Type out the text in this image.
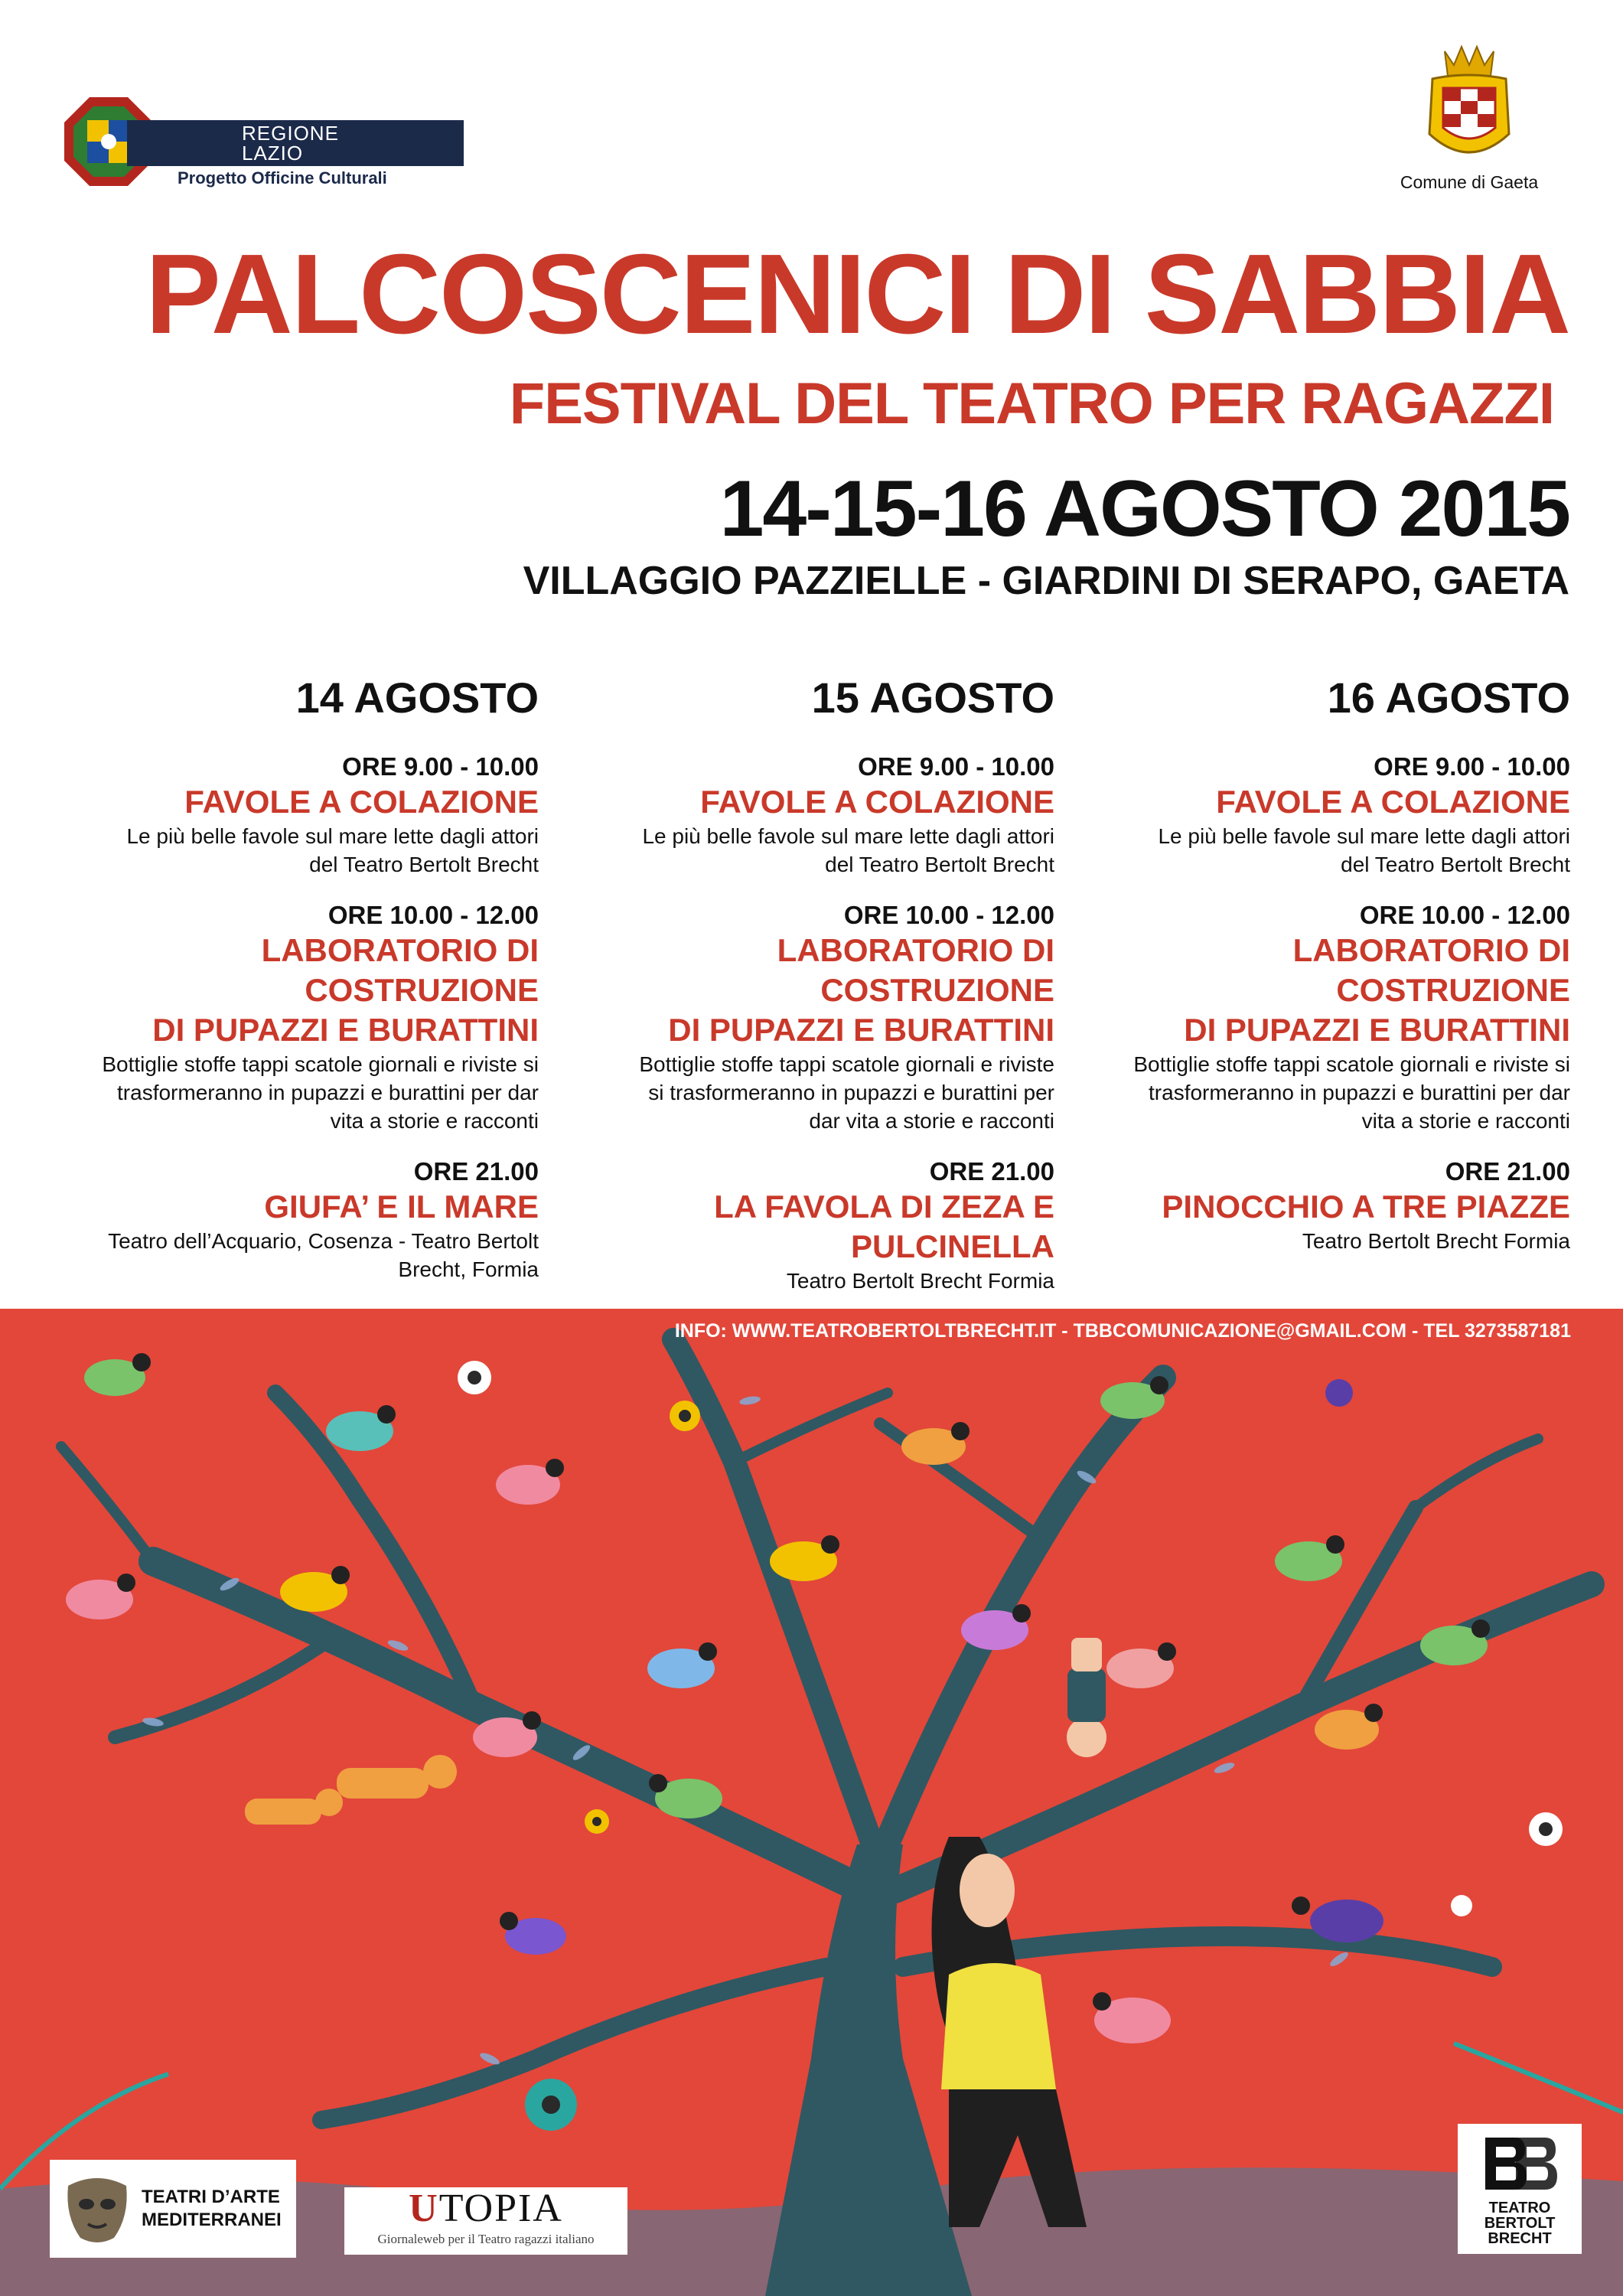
REGIONE
LAZIO
Progetto Officine Culturali	Comune di Gaeta
PALCOSCENICI DI SABBIA
FESTIVAL DEL TEATRO PER RAGAZZI
14-15-16 AGOSTO 2015
VILLAGGIO PAZZIELLE - GIARDINI DI SERAPO, GAETA
14 AGOSTO
ORE 9.00 - 10.00
FAVOLE A COLAZIONE
Le più belle favole sul mare lette dagli attori
del Teatro Bertolt Brecht
ORE 10.00 - 12.00
LABORATORIO DI COSTRUZIONE
DI PUPAZZI E BURATTINI
Bottiglie stoffe tappi scatole giornali e riviste si
trasformeranno in pupazzi e burattini per dar
vita a storie e racconti
ORE 21.00
GIUFA’ E IL MARE
Teatro dell’Acquario, Cosenza - Teatro Bertolt
Brecht, Formia
15 AGOSTO
ORE 9.00 - 10.00
FAVOLE A COLAZIONE
Le più belle favole sul mare lette dagli attori
del Teatro Bertolt Brecht
ORE 10.00 - 12.00
LABORATORIO DI COSTRUZIONE
DI PUPAZZI E BURATTINI
Bottiglie stoffe tappi scatole giornali e riviste
si trasformeranno in pupazzi e burattini per
dar vita a storie e racconti
ORE 21.00
LA FAVOLA DI ZEZA E PULCINELLA
Teatro Bertolt Brecht Formia
16 AGOSTO
ORE 9.00 - 10.00
FAVOLE A COLAZIONE
Le più belle favole sul mare lette dagli attori
del Teatro Bertolt Brecht
ORE 10.00 - 12.00
LABORATORIO DI COSTRUZIONE
DI PUPAZZI E BURATTINI
Bottiglie stoffe tappi scatole giornali e riviste si
trasformeranno in pupazzi e burattini per dar
vita a storie e racconti
ORE 21.00
PINOCCHIO A TRE PIAZZE
Teatro Bertolt Brecht Formia
INFO: WWW.TEATROBERTOLTBRECHT.IT - TBBCOMUNICAZIONE@GMAIL.COM - TEL 3273587181
TEATRI D’ARTE
MEDITERRANEI	UTOPIA
Giornaleweb per il Teatro ragazzi italiano
TEATRO
BERTOLT
BRECHT
